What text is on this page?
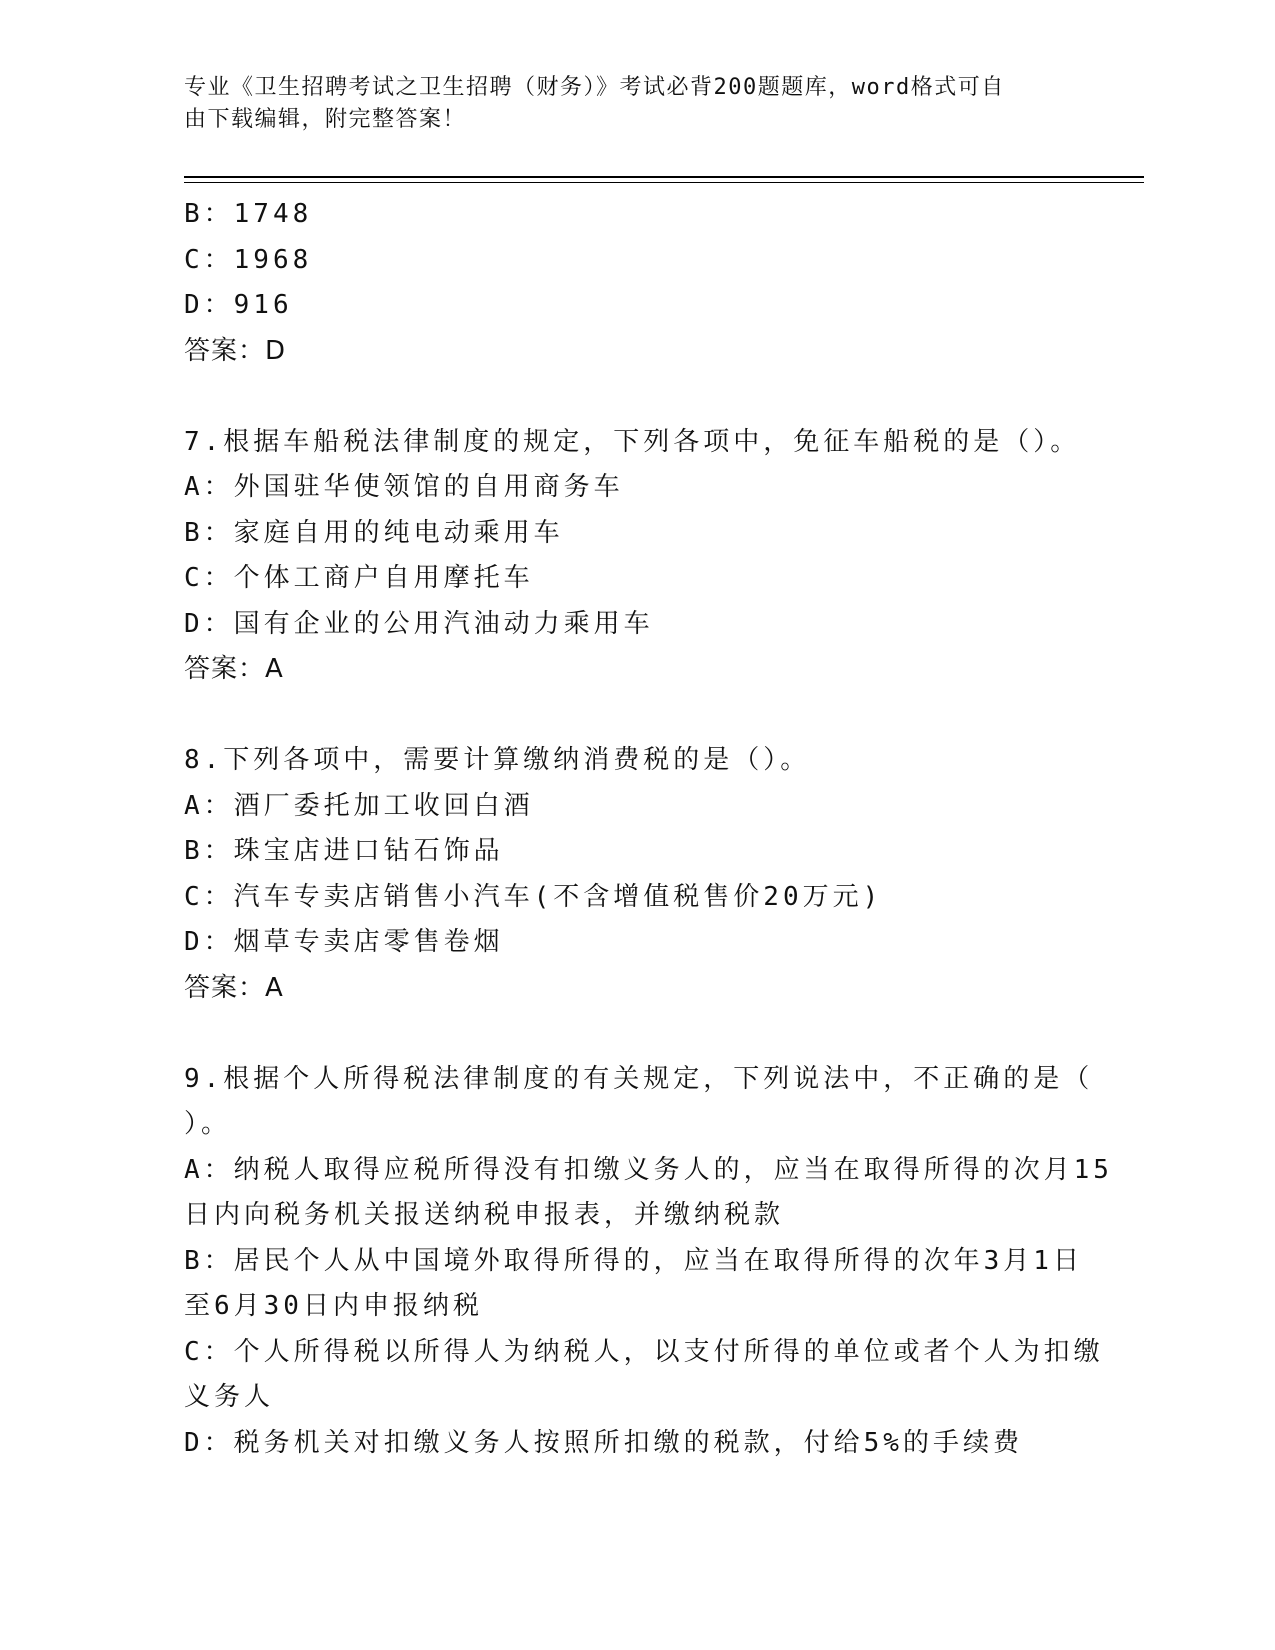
专业《卫生招聘考试之卫生招聘（财务）》考试必背200题题库，word格式可自
由下载编辑，附完整答案！
B：1748
C：1968
D：916
答案：D
7.根据车船税法律制度的规定，下列各项中，免征车船税的是（）。
A：外国驻华使领馆的自用商务车
B：家庭自用的纯电动乘用车
C：个体工商户自用摩托车
D：国有企业的公用汽油动力乘用车
答案：A
8.下列各项中，需要计算缴纳消费税的是（）。
A：酒厂委托加工收回白酒
B：珠宝店进口钻石饰品
C：汽车专卖店销售小汽车(不含增值税售价20万元)
D：烟草专卖店零售卷烟
答案：A
9.根据个人所得税法律制度的有关规定，下列说法中，不正确的是（
）。
A：纳税人取得应税所得没有扣缴义务人的，应当在取得所得的次月15
日内向税务机关报送纳税申报表，并缴纳税款
B：居民个人从中国境外取得所得的，应当在取得所得的次年3月1日
至6月30日内申报纳税
C：个人所得税以所得人为纳税人，以支付所得的单位或者个人为扣缴
义务人
D：税务机关对扣缴义务人按照所扣缴的税款，付给5%的手续费
